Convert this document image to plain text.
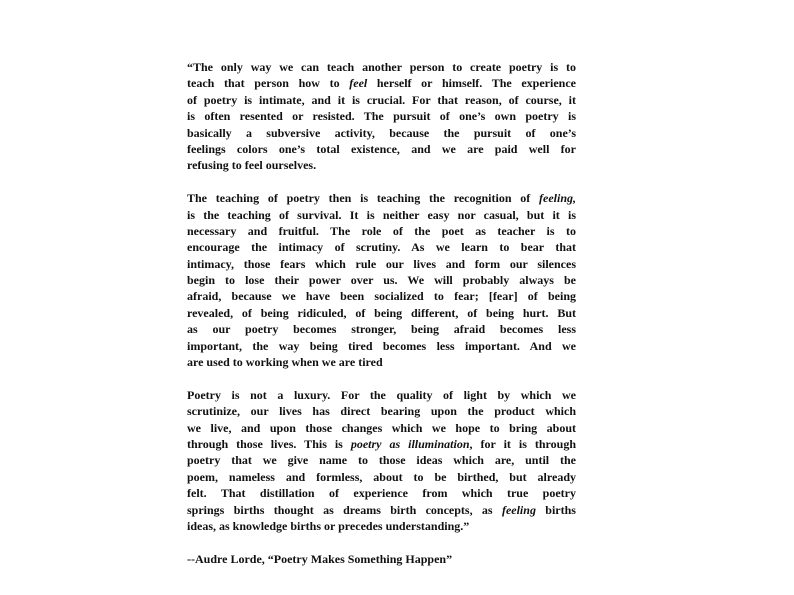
“The only way we can teach another person to create poetry is to
teach that person how to feel herself or himself. The experience
of poetry is intimate, and it is crucial. For that reason, of course, it
is often resented or resisted. The pursuit of one’s own poetry is
basically a subversive activity, because the pursuit of one’s
feelings colors one’s total existence, and we are paid well for
refusing to feel ourselves.
The teaching of poetry then is teaching the recognition of feeling,
is the teaching of survival. It is neither easy nor casual, but it is
necessary and fruitful. The role of the poet as teacher is to
encourage the intimacy of scrutiny. As we learn to bear that
intimacy, those fears which rule our lives and form our silences
begin to lose their power over us. We will probably always be
afraid, because we have been socialized to fear; [fear] of being
revealed, of being ridiculed, of being different, of being hurt. But
as our poetry becomes stronger, being afraid becomes less
important, the way being tired becomes less important. And we
are used to working when we are tired
Poetry is not a luxury. For the quality of light by which we
scrutinize, our lives has direct bearing upon the product which
we live, and upon those changes which we hope to bring about
through those lives. This is poetry as illumination, for it is through
poetry that we give name to those ideas which are, until the
poem, nameless and formless, about to be birthed, but already
felt. That distillation of experience from which true poetry
springs births thought as dreams birth concepts, as feeling births
ideas, as knowledge births or precedes understanding.”
--Audre Lorde, “Poetry Makes Something Happen”
